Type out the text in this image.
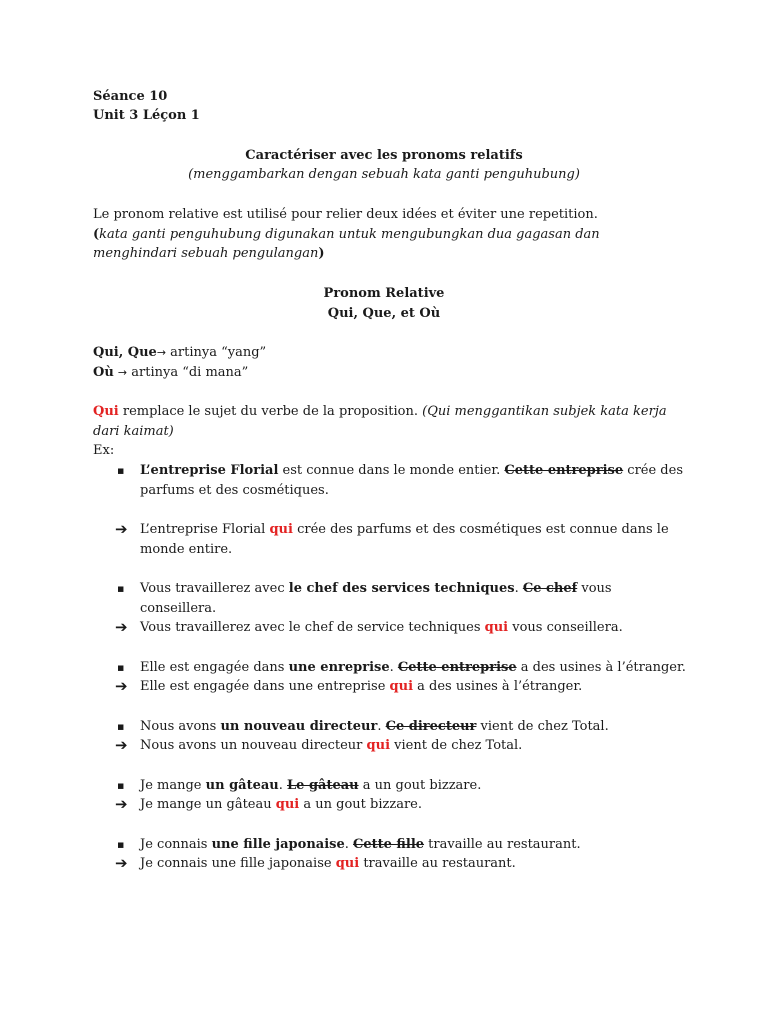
Séance 10
Unit 3 Léçon 1
Caractériser avec les pronoms relatifs
(menggambarkan dengan sebuah kata ganti penguhubung)
Le pronom relative est utilisé pour relier deux idées et éviter une repetition.
(kata ganti penguhubung digunakan untuk mengubungkan dua gagasan dan
menghindari sebuah pengulangan)
Pronom Relative
Qui, Que, et Où
Qui, Que→ artinya “yang”
Où → artinya “di mana”
Qui remplace le sujet du verbe de la proposition. (Qui menggantikan subjek kata kerja
dari kaimat)
Ex:
▪	L’entreprise Florial est connue dans le monde entier. Cette entreprise crée des
parfums et des cosmétiques.
➔ L’entreprise Florial qui crée des parfums et des cosmétiques est connue dans le
monde entire.
▪	Vous travaillerez avec le chef des services techniques. Ce chef vous
conseillera.
➔ Vous travaillerez avec le chef de service techniques qui vous conseillera.
▪	Elle est engagée dans une enreprise. Cette entreprise a des usines à l’étranger.
➔ Elle est engagée dans une entreprise qui a des usines à l’étranger.
▪	Nous avons un nouveau directeur. Ce directeur vient de chez Total.
➔ Nous avons un nouveau directeur qui vient de chez Total.
▪	Je mange un gâteau. Le gâteau a un gout bizzare.
➔ Je mange un gâteau qui a un gout bizzare.
▪	Je connais une fille japonaise. Cette fille travaille au restaurant.
➔ Je connais une fille japonaise qui travaille au restaurant.
